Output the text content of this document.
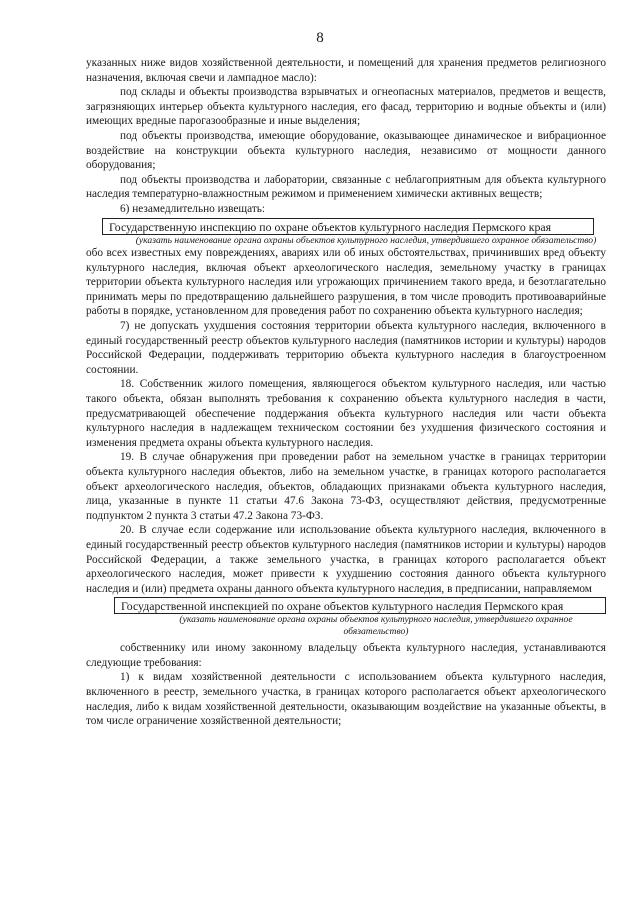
8

указанных ниже видов хозяйственной деятельности, и помещений для хранения предметов религиозного назначения, включая свечи и лампадное масло):

под склады и объекты производства взрывчатых и огнеопасных материалов, предметов и веществ, загрязняющих интерьер объекта культурного наследия, его фасад, территорию и водные объекты и (или) имеющих вредные парогазообразные и иные выделения;

под объекты производства, имеющие оборудование, оказывающее динамическое и вибрационное воздействие на конструкции объекта культурного наследия, независимо от мощности данного оборудования;

под объекты производства и лаборатории, связанные с неблагоприятным для объекта культурного наследия температурно-влажностным режимом и применением химически активных веществ;

6) незамедлительно извещать:

Государственную инспекцию по охране объектов культурного наследия Пермского края

(указать наименование органа охраны объектов культурного наследия, утвердившего охранное обязательство)

обо всех известных ему повреждениях, авариях или об иных обстоятельствах, причинивших вред объекту культурного наследия, включая объект археологического наследия, земельному участку в границах территории объекта культурного наследия или угрожающих причинением такого вреда, и безотлагательно принимать меры по предотвращению дальнейшего разрушения, в том числе проводить противоаварийные работы в порядке, установленном для проведения работ по сохранению объекта культурного наследия;

7) не допускать ухудшения состояния территории объекта культурного наследия, включенного в единый государственный реестр объектов культурного наследия (памятников истории и культуры) народов Российской Федерации, поддерживать территорию объекта культурного наследия в благоустроенном состоянии.

18. Собственник жилого помещения, являющегося объектом культурного наследия, или частью такого объекта, обязан выполнять требования к сохранению объекта культурного наследия в части, предусматривающей обеспечение поддержания объекта культурного наследия или части объекта культурного наследия в надлежащем техническом состоянии без ухудшения физического состояния и изменения предмета охраны объекта культурного наследия.

19. В случае обнаружения при проведении работ на земельном участке в границах территории объекта культурного наследия объектов, либо на земельном участке, в границах которого располагается объект археологического наследия, объектов, обладающих признаками объекта культурного наследия, лица, указанные в пункте 11 статьи 47.6 Закона 73-ФЗ, осуществляют действия, предусмотренные подпунктом 2 пункта 3 статьи 47.2 Закона 73-ФЗ.

20. В случае если содержание или использование объекта культурного наследия, включенного в единый государственный реестр объектов культурного наследия (памятников истории и культуры) народов Российской Федерации, а также земельного участка, в границах которого располагается объект археологического наследия, может привести к ухудшению состояния данного объекта культурного наследия и (или) предмета охраны данного объекта культурного наследия, в предписании, направляемом

Государственной инспекцией по охране объектов культурного наследия Пермского края

(указать наименование органа охраны объектов культурного наследия, утвердившего охранное обязательство)

собственнику или иному законному владельцу объекта культурного наследия, устанавливаются следующие требования:

1) к видам хозяйственной деятельности с использованием объекта культурного наследия, включенного в реестр, земельного участка, в границах которого располагается объект археологического наследия, либо к видам хозяйственной деятельности, оказывающим воздействие на указанные объекты, в том числе ограничение хозяйственной деятельности;
